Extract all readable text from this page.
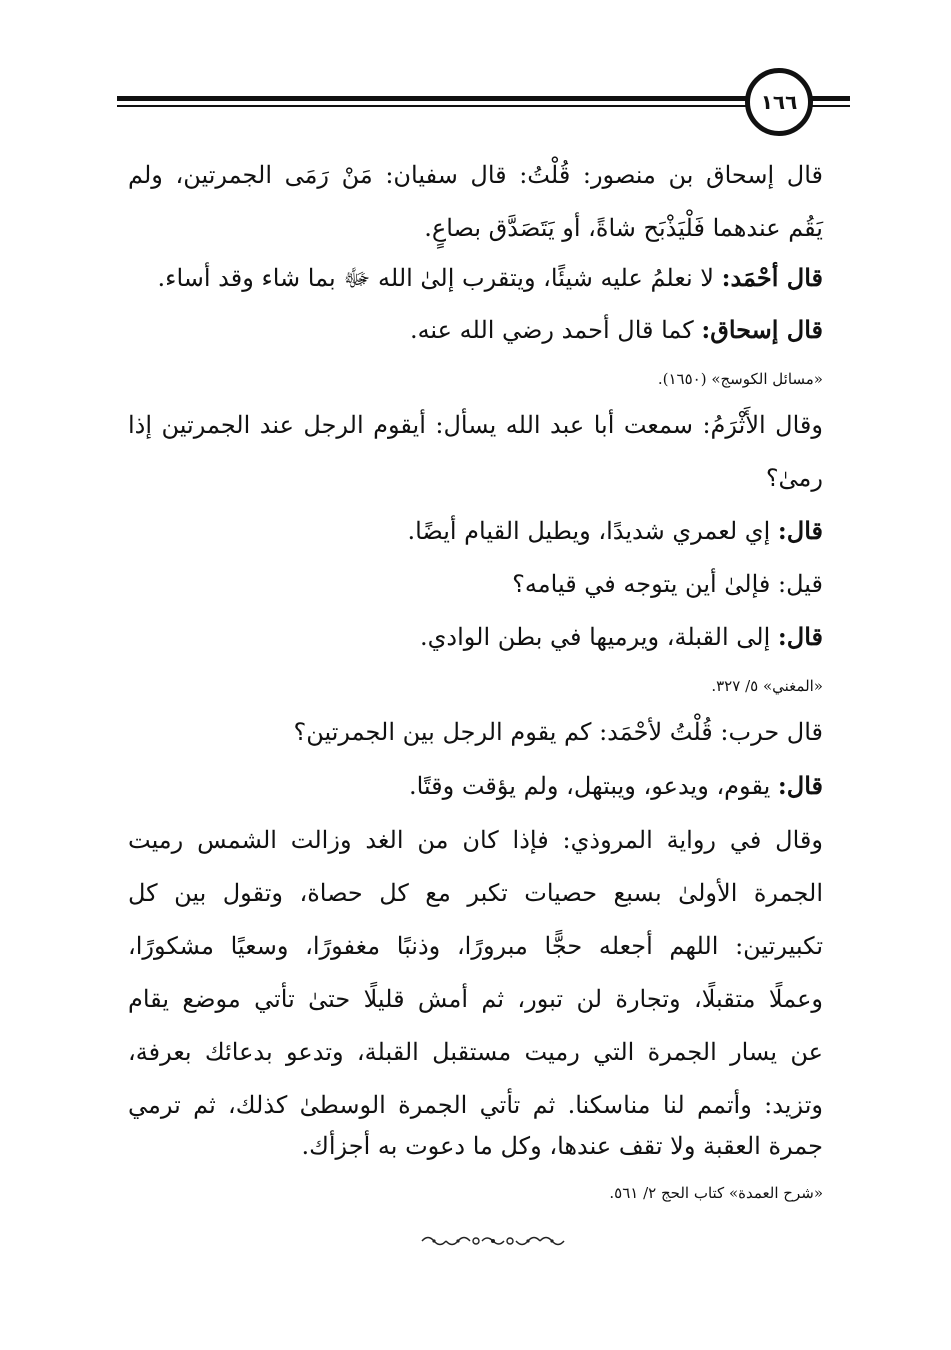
١٦٦
قال إسحاق بن منصور: قُلْتُ: قال سفيان: مَنْ رَمَى الجمرتين، ولم
يَقُم عندهما فَلْيَذْبَح شاةً، أو يَتَصَدَّق بصاعٍ.
قال أحْمَد: لا نعلمُ عليه شيئًا، ويتقرب إلىٰ الله ﷻ بما شاء وقد أساء.
قال إسحاق: كما قال أحمد رضي الله عنه.
«مسائل الكوسج» (١٦٥٠).
وقال الأَثْرَمُ: سمعت أبا عبد الله يسأل: أيقوم الرجل عند الجمرتين إذا
رمىٰ؟
قال: إي لعمري شديدًا، ويطيل القيام أيضًا.
قيل: فإلىٰ أين يتوجه في قيامه؟
قال: إلى القبلة، ويرميها في بطن الوادي.
«المغني» ٥/ ٣٢٧.
قال حرب: قُلْتُ لأحْمَد: كم يقوم الرجل بين الجمرتين؟
قال: يقوم، ويدعو، ويبتهل، ولم يؤقت وقتًا.
وقال في رواية المروذي: فإذا كان من الغد وزالت الشمس رميت
الجمرة الأولىٰ بسبع حصيات تكبر مع كل حصاة، وتقول بين كل
تكبيرتين: اللهم أجعله حجًّا مبرورًا، وذنبًا مغفورًا، وسعيًا مشكورًا،
وعملًا متقبلًا، وتجارة لن تبور، ثم أمش قليلًا حتىٰ تأتي موضع يقام
عن يسار الجمرة التي رميت مستقبل القبلة، وتدعو بدعائك بعرفة،
وتزيد: وأتمم لنا مناسكنا. ثم تأتي الجمرة الوسطىٰ كذلك، ثم ترمي
جمرة العقبة ولا تقف عندها، وكل ما دعوت به أجزأك.
«شرح العمدة» كتاب الحج ٢/ ٥٦١.
